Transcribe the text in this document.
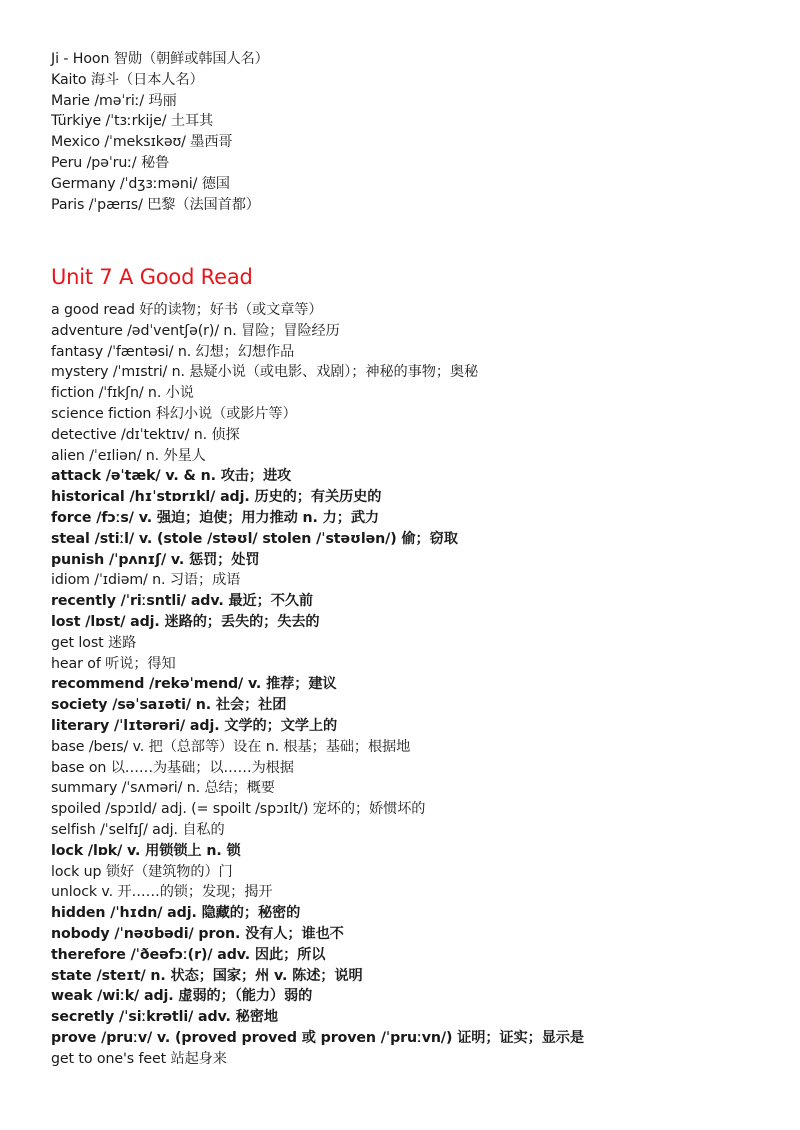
Ji - Hoon 智勋（朝鲜或韩国人名）
Kaito 海斗（日本人名）
Marie /məˈriː/ 玛丽
Türkiye /ˈtɜːrkije/ 土耳其
Mexico /ˈmeksɪkəʊ/ 墨西哥
Peru /pəˈruː/ 秘鲁
Germany /ˈdʒɜːməni/ 德国
Paris /ˈpærɪs/ 巴黎（法国首都）
Unit 7 A Good Read
a good read 好的读物；好书（或文章等）
adventure /ədˈventʃə(r)/ n. 冒险；冒险经历
fantasy /ˈfæntəsi/ n. 幻想；幻想作品
mystery /ˈmɪstri/ n. 悬疑小说（或电影、戏剧）；神秘的事物；奥秘
fiction /ˈfɪkʃn/ n. 小说
science fiction 科幻小说（或影片等）
detective /dɪˈtektɪv/ n. 侦探
alien /ˈeɪliən/ n. 外星人
attack /əˈtæk/ v. & n. 攻击；进攻
historical /hɪˈstɒrɪkl/ adj. 历史的；有关历史的
force /fɔːs/ v. 强迫；迫使；用力推动 n. 力；武力
steal /stiːl/ v. (stole /stəʊl/ stolen /ˈstəʊlən/) 偷；窃取
punish /ˈpʌnɪʃ/ v. 惩罚；处罚
idiom /ˈɪdiəm/ n. 习语；成语
recently /ˈriːsntli/ adv. 最近；不久前
lost /lɒst/ adj. 迷路的；丢失的；失去的
get lost 迷路
hear of 听说；得知
recommend /rekəˈmend/ v. 推荐；建议
society /səˈsaɪəti/ n. 社会；社团
literary /ˈlɪtərəri/ adj. 文学的；文学上的
base /beɪs/ v. 把（总部等）设在 n. 根基；基础；根据地
base on 以……为基础；以……为根据
summary /ˈsʌməri/ n. 总结；概要
spoiled /spɔɪld/ adj. (= spoilt /spɔɪlt/) 宠坏的；娇惯坏的
selfish /ˈselfɪʃ/ adj. 自私的
lock /lɒk/ v. 用锁锁上 n. 锁
lock up 锁好（建筑物的）门
unlock v. 开……的锁；发现；揭开
hidden /ˈhɪdn/ adj. 隐藏的；秘密的
nobody /ˈnəʊbədi/ pron. 没有人；谁也不
therefore /ˈðeəfɔː(r)/ adv. 因此；所以
state /steɪt/ n. 状态；国家；州 v. 陈述；说明
weak /wiːk/ adj. 虚弱的；（能力）弱的
secretly /ˈsiːkrətli/ adv. 秘密地
prove /pruːv/ v. (proved proved 或 proven /ˈpruːvn/) 证明；证实；显示是
get to one's feet 站起身来
